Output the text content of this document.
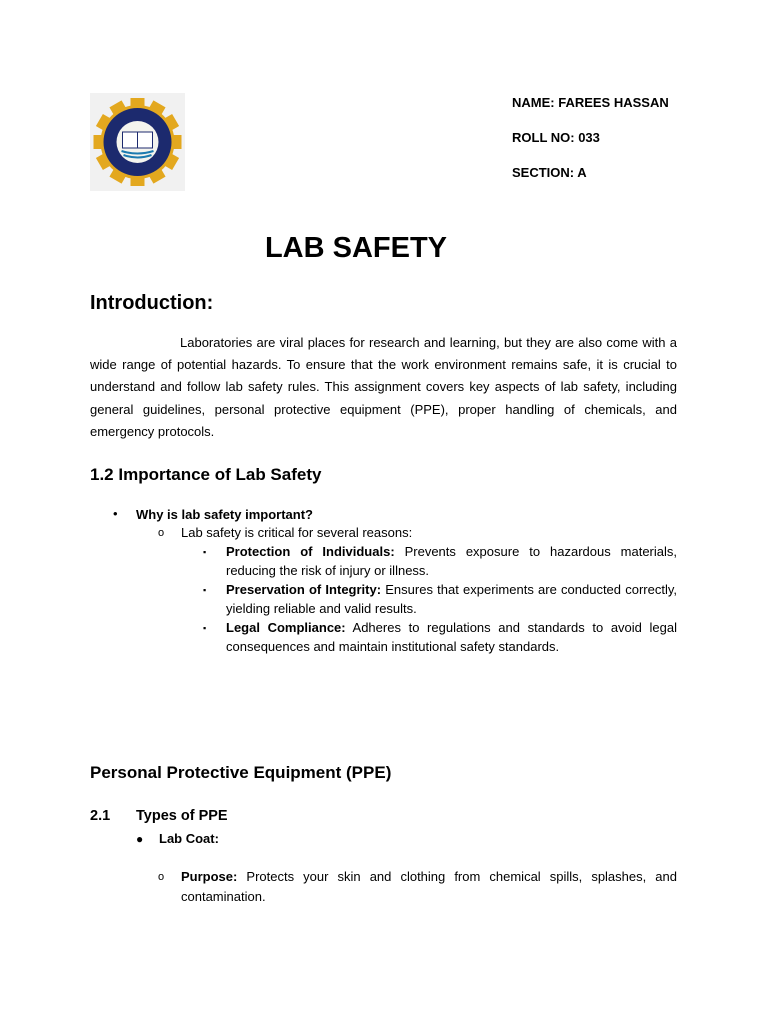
NAME: FAREES HASSAN
ROLL NO: 033
SECTION: A
LAB SAFETY
Introduction:

Laboratories are viral places for research and learning, but they are also come with a wide range of potential hazards. To ensure that the work environment remains safe, it is crucial to understand and follow lab safety rules. This assignment covers key aspects of lab safety, including general guidelines, personal protective equipment (PPE), proper handling of chemicals, and emergency protocols.

1.2 Importance of Lab Safety
• Why is lab safety important?
o Lab safety is critical for several reasons:
▪ Protection of Individuals: Prevents exposure to hazardous materials, reducing the risk of injury or illness.
▪ Preservation of Integrity: Ensures that experiments are conducted correctly, yielding reliable and valid results.
▪ Legal Compliance: Adheres to regulations and standards to avoid legal consequences and maintain institutional safety standards.
Personal Protective Equipment (PPE)
2.1 Types of PPE
● Lab Coat:
o Purpose: Protects your skin and clothing from chemical spills, splashes, and contamination.
